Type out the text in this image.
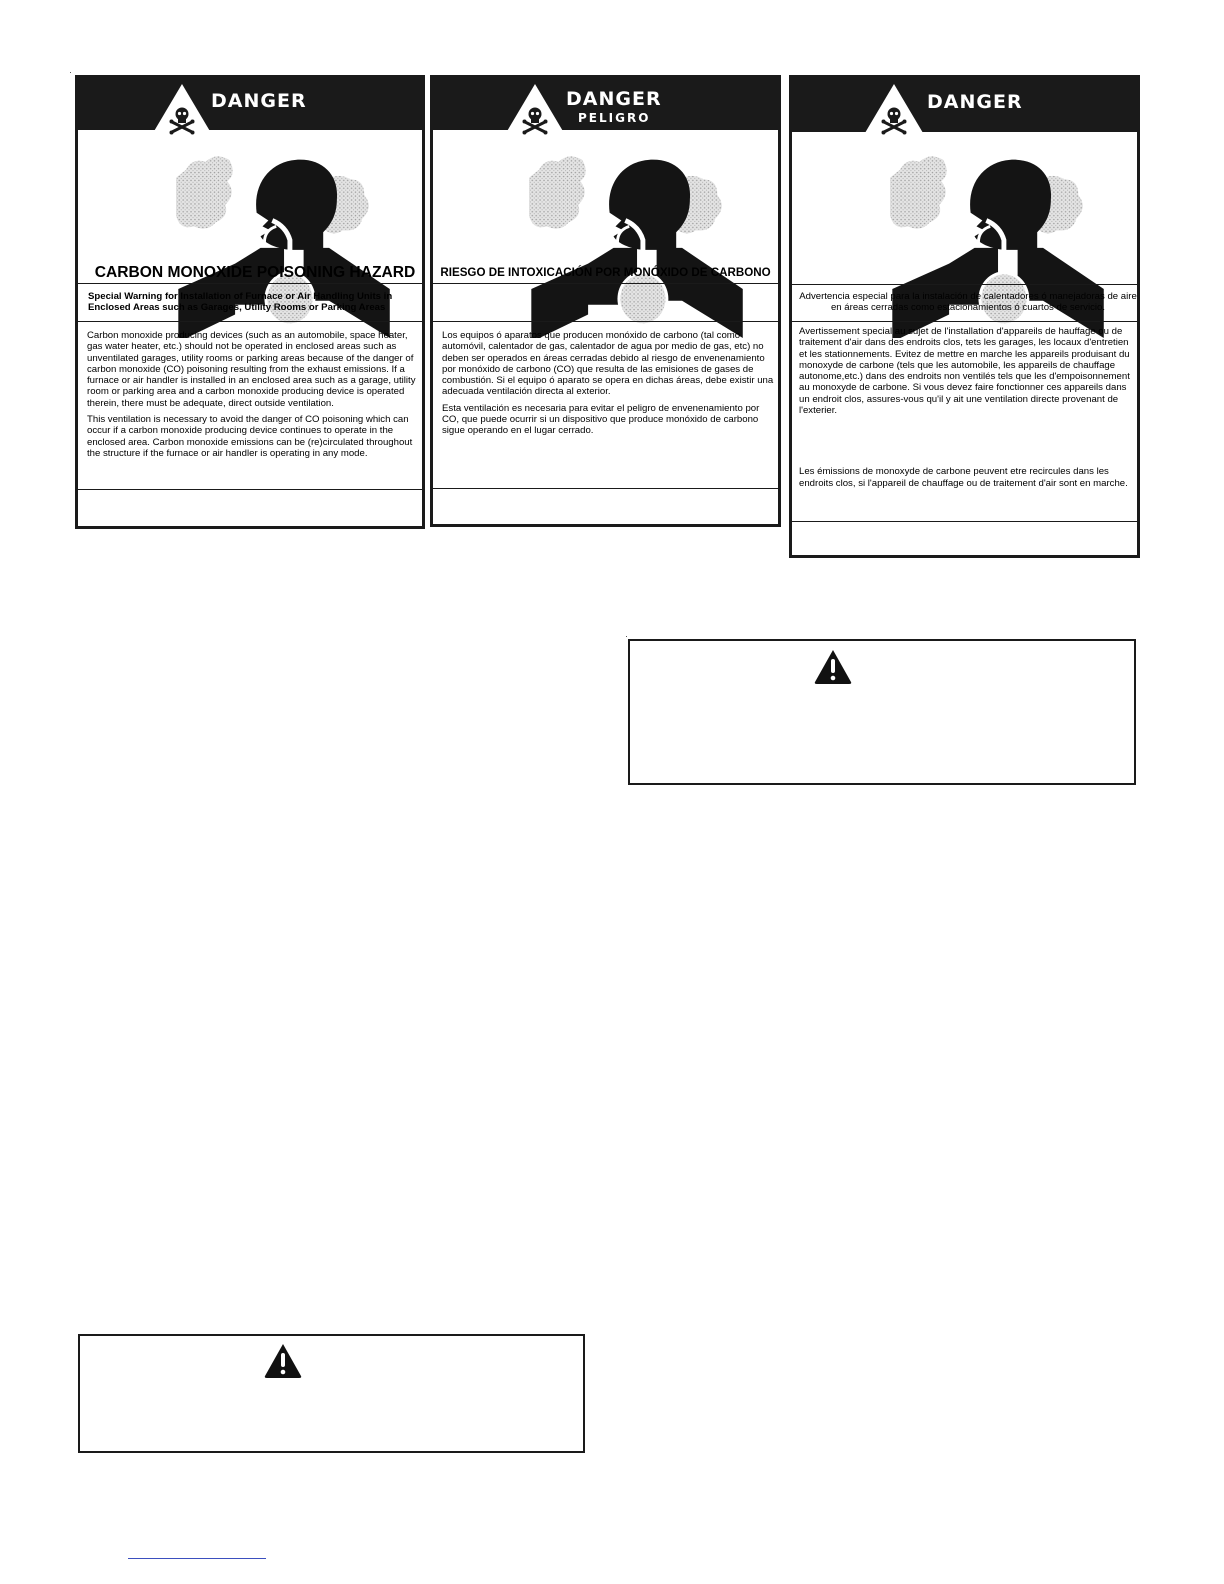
DANGER
CARBON MONOXIDE POISONING HAZARD
Special Warning for Installation of Furnace or Air Handling Units in Enclosed Areas such as Garages, Utility Rooms or Parking Areas

Carbon monoxide producing devices (such as an automobile, space heater, gas water heater, etc.) should not be operated in enclosed areas such as unventilated garages, utility rooms or parking areas because of the danger of carbon monoxide (CO) poisoning resulting from the exhaust emissions. If a furnace or air handler is installed in an enclosed area such as a garage, utility room or parking area and a carbon monoxide producing device is operated therein, there must be adequate, direct outside ventilation.

This ventilation is necessary to avoid the danger of CO poisoning which can occur if a carbon monoxide producing device continues to operate in the enclosed area. Carbon monoxide emissions can be (re)circulated throughout the structure if the furnace or air handler is operating in any mode.

DANGER
PELIGRO
RIESGO DE INTOXICACIÓN POR MONÓXIDO DE CARBONO

Los equipos ó aparatos que producen monóxido de carbono (tal como automóvil, calentador de gas, calentador de agua por medio de gas, etc) no deben ser operados en áreas cerradas debido al riesgo de envenenamiento por monóxido de carbono (CO) que resulta de las emisiones de gases de combustión. Si el equipo ó aparato se opera en dichas áreas, debe existir una adecuada ventilación directa al exterior.

Esta ventilación es necesaria para evitar el peligro de envenenamiento por CO, que puede ocurrir si un dispositivo que produce monóxido de carbono sigue operando en el lugar cerrado.

DANGER
Advertencia especial para la instalación de calentadores ó manejadoras de aire en áreas cerradas como estacionamientos ó cuartos de servicio.

Avertissement special au sujet de l'installation d'appareils de hauffage ou de traitement d'air dans des endroits clos, tets les garages, les locaux d'entretien et les stationnements. Evitez de mettre en marche les appareils produisant du monoxyde de carbone (tels que les automobile, les appareils de chauffage autonome,etc.) dans des endroits non ventilés tels que les d'empoisonnement au monoxyde de carbone. Si vous devez faire fonctionner ces appareils dans un endroit clos, assures-vous qu'il y ait une ventilation directe provenant de l'exterier.

Les émissions de monoxyde de carbone peuvent etre recircules dans les endroits clos, si l'appareil de chauffage ou de traitement d'air sont en marche.
